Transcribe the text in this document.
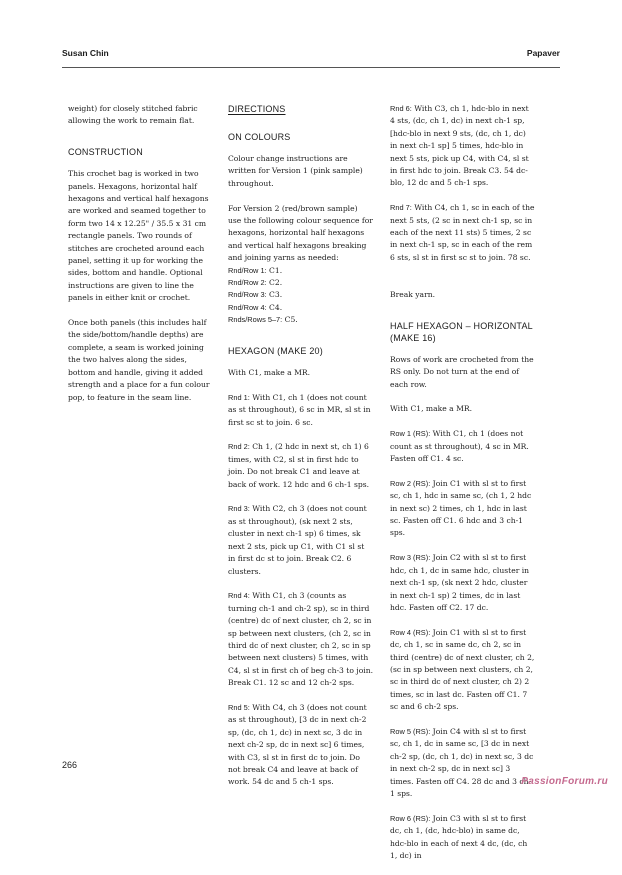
Susan Chin	Papaver

weight) for closely stitched fabric allowing the work to remain flat.

CONSTRUCTION

This crochet bag is worked in two panels. Hexagons, horizontal half hexagons and vertical half hexagons are worked and seamed together to form two 14 x 12.25" / 35.5 x 31 cm rectangle panels. Two rounds of stitches are crocheted around each panel, setting it up for working the sides, bottom and handle. Optional instructions are given to line the panels in either knit or crochet.

Once both panels (this includes half the side/bottom/handle depths) are complete, a seam is worked joining the two halves along the sides, bottom and handle, giving it added strength and a place for a fun colour pop, to feature in the seam line.

DIRECTIONS
ON COLOURS

Colour change instructions are written for Version 1 (pink sample) throughout.

For Version 2 (red/brown sample) use the following colour sequence for hexagons, horizontal half hexagons and vertical half hexagons breaking and joining yarns as needed:

Rnd/Row 1: C1.
Rnd/Row 2: C2.
Rnd/Row 3: C3.
Rnd/Row 4: C4.
Rnds/Rows 5–7: C5.
HEXAGON (MAKE 20)

With C1, make a MR.

Rnd 1: With C1, ch 1 (does not count as st throughout), 6 sc in MR, sl st in first sc st to join. 6 sc.

Rnd 2: Ch 1, (2 hdc in next st, ch 1) 6 times, with C2, sl st in first hdc to join. Do not break C1 and leave at back of work. 12 hdc and 6 ch-1 sps.

Rnd 3: With C2, ch 3 (does not count as st throughout), (sk next 2 sts, cluster in next ch-1 sp) 6 times, sk next 2 sts, pick up C1, with C1 sl st in first dc st to join. Break C2. 6 clusters.

Rnd 4: With C1, ch 3 (counts as turning ch-1 and ch-2 sp), sc in third (centre) dc of next cluster, ch 2, sc in sp between next clusters, (ch 2, sc in third dc of next cluster, ch 2, sc in sp between next clusters) 5 times, with C4, sl st in first ch of beg ch-3 to join. Break C1. 12 sc and 12 ch-2 sps.

Rnd 5: With C4, ch 3 (does not count as st throughout), [3 dc in next ch-2 sp, (dc, ch 1, dc) in next sc, 3 dc in next ch-2 sp, dc in next sc] 6 times, with C3, sl st in first dc to join. Do not break C4 and leave at back of work. 54 dc and 5 ch-1 sps.

Rnd 6: With C3, ch 1, hdc-blo in next 4 sts, (dc, ch 1, dc) in next ch-1 sp, [hdc-blo in next 9 sts, (dc, ch 1, dc) in next ch-1 sp] 5 times, hdc-blo in next 5 sts, pick up C4, with C4, sl st in first hdc to join. Break C3. 54 dc-blo, 12 dc and 5 ch-1 sps.

Rnd 7: With C4, ch 1, sc in each of the next 5 sts, (2 sc in next ch-1 sp, sc in each of the next 11 sts) 5 times, 2 sc in next ch-1 sp, sc in each of the rem 6 sts, sl st in first sc st to join. 78 sc.

Break yarn.

HALF HEXAGON – HORIZONTAL (MAKE 16)

Rows of work are crocheted from the RS only. Do not turn at the end of each row.

With C1, make a MR.

Row 1 (RS): With C1, ch 1 (does not count as st throughout), 4 sc in MR. Fasten off C1. 4 sc.

Row 2 (RS): Join C1 with sl st to first sc, ch 1, hdc in same sc, (ch 1, 2 hdc in next sc) 2 times, ch 1, hdc in last sc. Fasten off C1. 6 hdc and 3 ch-1 sps.

Row 3 (RS): Join C2 with sl st to first hdc, ch 1, dc in same hdc, cluster in next ch-1 sp, (sk next 2 hdc, cluster in next ch-1 sp) 2 times, dc in last hdc. Fasten off C2. 17 dc.

Row 4 (RS): Join C1 with sl st to first dc, ch 1, sc in same dc, ch 2, sc in third (centre) dc of next cluster, ch 2, (sc in sp between next clusters, ch 2, sc in third dc of next cluster, ch 2) 2 times, sc in last dc. Fasten off C1. 7 sc and 6 ch-2 sps.

Row 5 (RS): Join C4 with sl st to first sc, ch 1, dc in same sc, [3 dc in next ch-2 sp, (dc, ch 1, dc) in next sc, 3 dc in next ch-2 sp, dc in next sc] 3 times. Fasten off C4. 28 dc and 3 ch-1 sps.

Row 6 (RS): Join C3 with sl st to first dc, ch 1, (dc, hdc-blo) in same dc, hdc-blo in each of next 4 dc, (dc, ch 1, dc) in

266
PassionForum.ru
